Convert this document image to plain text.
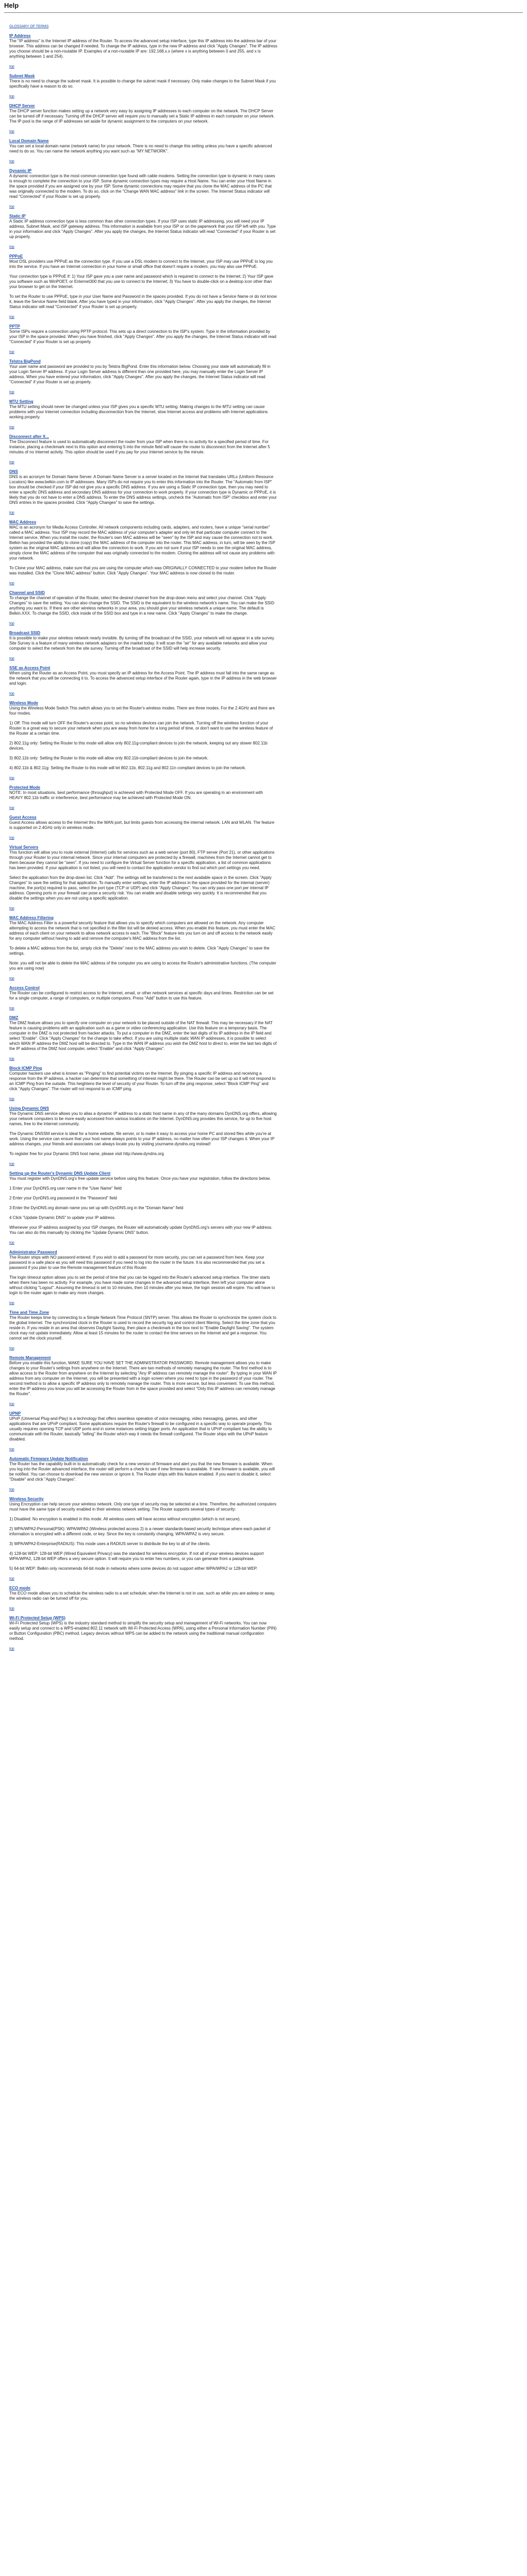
Help
GLOSSARY OF TERMS
IP Address
The "IP address" is the Internet IP address of the Router. To access the advanced setup interface, type this IP address into the address bar of your browser. This address can be changed if needed. To change the IP address, type in the new IP address and click "Apply Changes". The IP address you choose should be a non-routable IP. Examples of a non-routable IP are: 192.168.x.x (where x is anything between 0 and 255, and x is anything between 1 and 254).
top
Subnet Mask
There is no need to change the subnet mask. It is possible to change the subnet mask if necessary. Only make changes to the Subnet Mask if you specifically have a reason to do so.
top
DHCP Server
The DHCP server function makes setting up a network very easy by assigning IP addresses to each computer on the network. The DHCP Server can be turned off if necessary. Turning off the DHCP server will require you to manually set a Static IP address in each computer on your network. The IP pool is the range of IP addresses set aside for dynamic assignment to the computers on your network.
top
Local Domain Name
You can set a local domain name (network name) for your network. There is no need to change this setting unless you have a specific advanced need to do so. You can name the network anything you want such as "MY NETWORK".
top
Dynamic IP
A dynamic connection type is the most common connection type found with cable modems. Setting the connection type to dynamic in many cases is enough to complete the connection to your ISP. Some dynamic connection types may require a Host Name. You can enter your Host Name in the space provided if you are assigned one by your ISP. Some dynamic connections may require that you clone the MAC address of the PC that was originally connected to the modem. To do so, click on the "Change WAN MAC address" link in the screen. The Internet Status indicator will read "Connected" if your Router is set up properly.
top
Static IP
A Static IP address connection type is less common than other connection types. If your ISP uses static IP addressing, you will need your IP address, Subnet Mask, and ISP gateway address. This information is available from your ISP or on the paperwork that your ISP left with you. Type in your information and click "Apply Changes". After you apply the changes, the Internet Status indicator will read "Connected" if your Router is set up properly.
top
PPPoE
Most DSL providers use PPPoE as the connection type. If you use a DSL modem to connect to the Internet, your ISP may use PPPoE to log you into the service. If you have an Internet connection in your home or small office that doesn't require a modem, you may also use PPPoE.
Your connection type is PPPoE if: 1) Your ISP gave you a user name and password which is required to connect to the Internet; 2) Your ISP gave you software such as WinPOET, or Enternet300 that you use to connect to the Internet; 3) You have to double-click on a desktop icon other than your browser to get on the Internet.
To set the Router to use PPPoE, type in your User Name and Password in the spaces provided. If you do not have a Service Name or do not know it, leave the Service Name field blank. After you have typed in your information, click "Apply Changes". After you apply the changes, the Internet Status indicator will read "Connected" if your Router is set up properly.
top
PPTP
Some ISPs require a connection using PPTP protocol. This sets up a direct connection to the ISP's system. Type in the information provided by your ISP in the space provided. When you have finished, click "Apply Changes". After you apply the changes, the Internet Status indicator will read "Connected" if your Router is set up properly.
top
Telstra BigPond
Your user name and password are provided to you by Telstra BigPond. Enter this information below. Choosing your state will automatically fill in your Login Server IP address. If your Login Server address is different than one provided here, you may manually enter the Login Server IP address. When you have entered your information, click "Apply Changes". After you apply the changes, the Internet Status indicator will read "Connected" if your Router is set up properly.
top
MTU Setting
The MTU setting should never be changed unless your ISP gives you a specific MTU setting. Making changes to the MTU setting can cause problems with your Internet connection including disconnection from the Internet, slow Internet access and problems with Internet applications working properly.
top
Disconnect after X...
The Disconnect feature is used to automatically disconnect the router from your ISP when there is no activity for a specified period of time. For instance, placing a checkmark next to this option and entering 5 into the minute field will cause the router to disconnect from the Internet after 5 minutes of no Internet activity. This option should be used if you pay for your Internet service by the minute.
top
DNS
DNS is an acronym for Domain Name Server. A Domain Name Server is a server located on the Internet that translates URLs (Uniform Resource Locators) like www.belkin.com to IP addresses. Many ISPs do not require you to enter this information into the Router. The "Automatic from ISP" box should be checked if your ISP did not give you a specific DNS address. If you are using a Static IP connection type, then you may need to enter a specific DNS address and secondary DNS address for your connection to work properly. If your connection type is Dynamic or PPPoE, it is likely that you do not have to enter a DNS address. To enter the DNS address settings, uncheck the "Automatic from ISP" checkbox and enter your DNS entries in the spaces provided. Click "Apply Changes" to save the settings.
top
MAC Address
MAC is an acronym for Media Access Controller. All network components including cards, adapters, and routers, have a unique "serial number" called a MAC address. Your ISP may record the MAC address of your computer's adapter and only let that particular computer connect to the Internet service. When you install the router, the Router's own MAC address will be "seen" by the ISP and may cause the connection not to work. Belkin has provided the ability to clone (copy) the MAC address of the computer into the router. This MAC address, in turn, will be seen by the ISP system as the original MAC address and will allow the connection to work. If you are not sure if your ISP needs to see the original MAC address, simply clone the MAC address of the computer that was originally connected to the modem. Cloning the address will not cause any problems with your network.
To Clone your MAC address, make sure that you are using the computer which was ORIGINALLY CONNECTED to your modem before the Router was installed. Click the "Clone MAC address" button. Click "Apply Changes". Your MAC address is now cloned to the router.
top
Channel and SSID
To change the channel of operation of the Router, select the desired channel from the drop-down menu and select your channel. Click "Apply Changes" to save the setting. You can also change the SSID. The SSID is the equivalent to the wireless network's name. You can make the SSID anything you want to. If there are other wireless networks in your area, you should give your wireless network a unique name. The default is Belkin.XXX. To change the SSID, click inside of the SSID box and type in a new name. Click "Apply Changes" to make the change.
top
Broadcast SSID
It is possible to make your wireless network nearly invisible. By turning off the broadcast of the SSID, your network will not appear in a site survey. Site Survey is a feature of many wireless network adapters on the market today. It will scan the "air" for any available networks and allow your computer to select the network from the site survey. Turning off the broadcast of the SSID will help increase security.
top
SSE as Access Point
When using the Router as an Access Point, you must specify an IP address for the Access Point. The IP address must fall into the same range as the network that you will be connecting it to. To access the advanced setup interface of the Router again, type in the IP address in the web browser and login.
top
Wireless Mode
Using the Wireless Mode Switch This switch allows you to set the Router's wireless modes. There are three modes. For the 2.4GHz and there are four modes.
1) Off: This mode will turn OFF the Router's access point, so no wireless devices can join the network. Turning off the wireless function of your Router is a great way to secure your network when you are away from home for a long period of time, or don't want to use the wireless feature of the Router at a certain time.
2) 802.11g only: Setting the Router to this mode will allow only 802.11g-compliant devices to join the network, keeping out any slower 802.11b devices.
3) 802.11b only: Setting the Router to this mode will allow only 802.11b-compliant devices to join the network.
4) 802.11b & 802.11g: Setting the Router to this mode will let 802.11b, 802.11g and 802.11n compliant devices to join the network.
top
Protected Mode
NOTE: In most situations, best performance (throughput) is achieved with Protected Mode OFF. If you are operating in an environment with HEAVY 802.11b traffic or interference, best performance may be achieved with Protected Mode ON.
top
Guest Access
Guest Access allows access to the Internet thru the WAN port, but limits guests from accessing the internal network. LAN and WLAN. The feature is supported on 2.4GHz only in wireless mode.
top
Virtual Servers
This function will allow you to route external (Internet) calls for services such as a web server (port 80), FTP server (Port 21), or other applications through your Router to your internal network. Since your internal computers are protected by a firewall, machines from the Internet cannot get to them because they cannot be "seen". If you need to configure the Virtual Server function for a specific application, a list of common applications has been provided. If your application is not listed, you will need to contact the application vendor to find out which port settings you need.
Select the application from the drop-down list. Click "Add". The settings will be transferred to the next available space in the screen. Click "Apply Changes" to save the setting for that application. To manually enter settings, enter the IP address in the space provided for the internal (server) machine, the port(s) required to pass, select the port type (TCP or UDP) and click "Apply Changes". You can only pass one port per internal IP address. Opening ports in your firewall can pose a security risk. You can enable and disable settings very quickly. It is recommended that you disable the settings when you are not using a specific application.
top
MAC Address Filtering
The MAC Address Filter is a powerful security feature that allows you to specify which computers are allowed on the network. Any computer attempting to access the network that is not specified in the filter list will be denied access. When you enable this feature, you must enter the MAC address of each client on your network to allow network access to each. The "Block" feature lets you turn on and off access to the network easily for any computer without having to add and remove the computer's MAC address from the list.
To delete a MAC address from the list, simply click the "Delete" next to the MAC address you wish to delete. Click "Apply Changes" to save the settings.
Note: you will not be able to delete the MAC address of the computer you are using to access the Router's administrative functions. (The computer you are using now)
top
Access Control
The Router can be configured to restrict access to the Internet, email, or other network services at specific days and times. Restriction can be set for a single computer, a range of computers, or multiple computers. Press "Add" button to use this feature.
top
DMZ
The DMZ feature allows you to specify one computer on your network to be placed outside of the NAT firewall. This may be necessary if the NAT feature is causing problems with an application such as a game or video conferencing application. Use this feature on a temporary basis. The computer in the DMZ is not protected from hacker attacks. To put a computer in the DMZ, enter the last digits of its IP address in the IP field and select "Enable". Click "Apply Changes" for the change to take effect. If you are using multiple static WAN IP addresses, it is possible to select which WAN IP address the DMZ host will be directed to. Type in the WAN IP address you wish the DMZ host to direct to, enter the last two digits of the IP address of the DMZ host computer, select "Enable" and click "Apply Changes".
top
Block ICMP Ping
Computer hackers use what is known as "Pinging" to find potential victims on the Internet. By pinging a specific IP address and receiving a response from the IP address, a hacker can determine that something of interest might be there. The Router can be set up so it will not respond to an ICMP Ping from the outside. This heightens the level of security of your Router. To turn off the ping response, select "Block ICMP Ping" and click "Apply Changes". The router will not respond to an ICMP ping.
top
Using Dynamic DNS
The Dynamic DNS service allows you to alias a dynamic IP address to a static host name in any of the many domains DynDNS.org offers, allowing your network computers to be more easily accessed from various locations on the Internet. DynDNS.org provides this service, for up to five host names, free to the Internet community.
The Dynamic DNSSM service is ideal for a home website, file server, or to make it easy to access your home PC and stored files while you're at work. Using the service can ensure that your host name always points to your IP address, no matter how often your ISP changes it. When your IP address changes, your friends and associates can always locate you by visiting yourname.dyndns.org instead!
To register free for your Dynamic DNS host name, please visit http://www.dyndns.org
top
Setting up the Router's Dynamic DNS Update Client
You must register with DynDNS.org's free update service before using this feature. Once you have your registration, follow the directions below.
1 Enter your DynDNS.org user name in the "User Name" field
2 Enter your DynDNS.org password in the "Password" field
3 Enter the DynDNS.org domain name you set up with DynDNS.org in the "Domain Name" field
4 Click "Update Dynamic DNS" to update your IP address.
Whenever your IP address assigned by your ISP changes, the Router will automatically update DynDNS.org's servers with your new IP address. You can also do this manually by clicking the "Update Dynamic DNS" button.
top
Administrator Password
The Router ships with NO password entered. If you wish to add a password for more security, you can set a password from here. Keep your password in a safe place as you will need this password if you need to log into the router in the future. It is also recommended that you set a password if you plan to use the Remote management feature of this Router.
The login timeout option allows you to set the period of time that you can be logged into the Router's advanced setup interface. The timer starts when there has been no activity. For example, you have made some changes in the advanced setup interface, then left your computer alone without clicking "Logout". Assuming the timeout is set to 10 minutes, then 10 minutes after you leave, the login session will expire. You will have to login to the router again to make any more changes.
top
Time and Time Zone
The Router keeps time by connecting to a Simple Network Time Protocol (SNTP) server. This allows the Router to synchronize the system clock to the global Internet. The synchronized clock in the Router is used to record the security log and control client filtering. Select the time zone that you reside in. If you reside in an area that observes Daylight Saving, then place a checkmark in the box next to "Enable Daylight Saving". The system clock may not update immediately. Allow at least 15 minutes for the router to contact the time servers on the Internet and get a response. You cannot set the clock yourself.
top
Remote Management
Before you enable this function, MAKE SURE YOU HAVE SET THE ADMINISTRATOR PASSWORD. Remote management allows you to make changes to your Router's settings from anywhere on the Internet. There are two methods of remotely managing the router. The first method is to allow access to the Router from anywhere on the Internet by selecting "Any IP address can remotely manage the router". By typing in your WAN IP address from any computer on the Internet, you will be presented with a login screen where you need to type in the password of your router. The second method is to allow a specific IP address only to remotely manage the router. This is more secure, but less convenient. To use this method, enter the IP address you know you will be accessing the Router from in the space provided and select "Only this IP address can remotely manage the Router".
top
UPNP
UPnP (Universal Plug-and-Play) is a technology that offers seamless operation of voice messaging, video messaging, games, and other applications that are UPnP compliant. Some applications require the Router's firewall to be configured in a specific way to operate properly. This usually requires opening TCP and UDP ports and in some instances setting trigger ports. An application that is UPnP compliant has the ability to communicate with the Router, basically "telling" the Router which way it needs the firewall configured. The Router ships with the UPnP feature disabled.
top
Automatic Firmware Update Notification
The Router has the capability built-in to automatically check for a new version of firmware and alert you that the new firmware is available. When you log into the Router advanced interface, the router will perform a check to see if new firmware is available. If new firmware is available, you will be notified. You can choose to download the new version or ignore it. The Router ships with this feature enabled. If you want to disable it, select "Disable" and click "Apply Changes".
top
Wireless Security
Using Encryption can help secure your wireless network. Only one type of security may be selected at a time. Therefore, the authorized computers must have the same type of security enabled in their wireless network setting. The Router supports several types of security:
1) Disabled: No encryption is enabled in this mode. All wireless users will have access without encryption (which is not secure).
2) WPA/WPA2-Personal(PSK): WPA/WPA2 (Wireless protected access 2) is a newer standards-based security technique where each packet of information is encrypted with a different code, or key. Since the key is constantly changing, WPA/WPA2 is very secure.
3) WPA/WPA2-Enterprise(RADIUS): This mode uses a RADIUS server to distribute the key to all of the clients.
4) 128-bit WEP: 128-bit WEP (Wired Equivalent Privacy) was the standard for wireless encryption. If not all of your wireless devices support WPA/WPA2, 128-bit WEP offers a very secure option. It will require you to enter hex numbers, or you can generate from a passphrase.
5) 64-bit WEP: Belkin only recommends 64-bit mode in networks where some devices do not support either WPA/WPA2 or 128-bit WEP.
top
ECO mode
The ECO mode allows you to schedule the wireless radio to a set schedule; when the Internet is not in use, such as while you are asleep or away, the wireless radio can be turned off for you.
top
Wi-Fi Protected Setup (WPS)
Wi-Fi Protected Setup (WPS) is the industry standard method to simplify the security setup and management of Wi-Fi networks. You can now easily setup and connect to a WPS-enabled 802.11 network with Wi-Fi Protected Access (WPA), using either a Personal Information Number (PIN) or Button Configuration (PBC) method. Legacy devices without WPS can be added to the network using the traditional manual configuration method.
top
